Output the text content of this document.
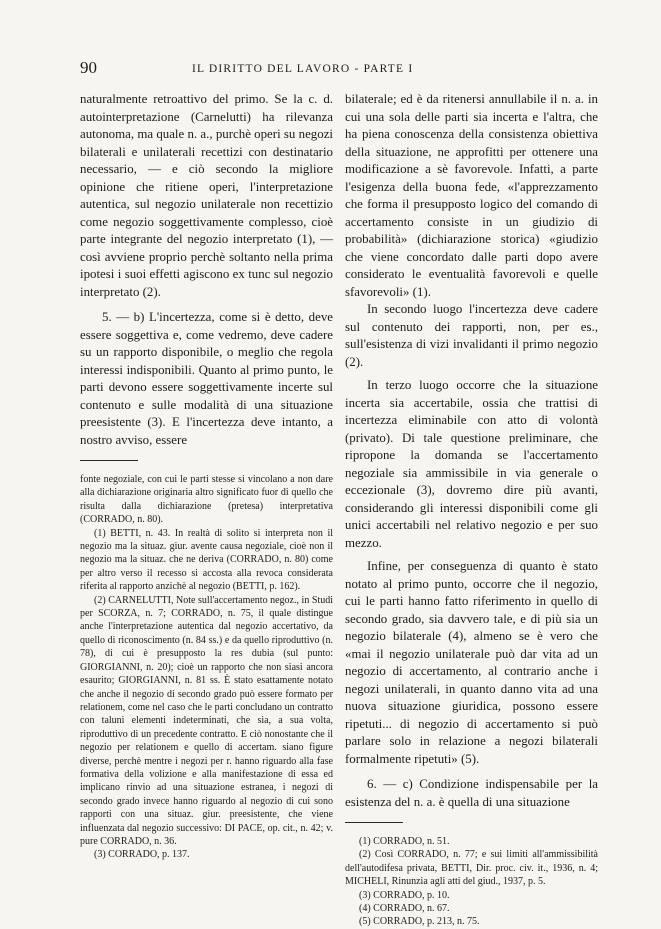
90	IL DIRITTO DEL LAVORO - PARTE I

naturalmente retroattivo del primo. Se la c. d. autointerpretazione (Carnelutti) ha rilevanza autonoma, ma quale n. a., purchè operi su negozi bilaterali e unilaterali recettizi con destinatario necessario, — e ciò secondo la migliore opinione che ritiene operi, l'interpretazione autentica, sul negozio unilaterale non recettizio come negozio soggettivamente complesso, cioè parte integrante del negozio interpretato (1), — così avviene proprio perchè soltanto nella prima ipotesi i suoi effetti agiscono ex tunc sul negozio interpretato (2).
5. — b) L'incertezza, come si è detto, deve essere soggettiva e, come vedremo, deve cadere su un rapporto disponibile, o meglio che regola interessi indisponibili. Quanto al primo punto, le parti devono essere soggettivamente incerte sul contenuto e sulle modalità di una situazione preesistente (3). E l'incertezza deve intanto, a nostro avviso, essere

fonte negoziale, con cui le parti stesse si vincolano a non dare alla dichiarazione originaria altro significato fuor di quello che risulta dalla dichiarazione (pretesa) interpretativa (CORRADO, n. 80).
(1) BETTI, n. 43. In realtà di solito si interpreta non il negozio ma la situaz. giur. avente causa negoziale, cioè non il negozio ma la situaz. che ne deriva (CORRADO, n. 80) come per altro verso il recesso si accosta alla revoca considerata riferita al rapporto anzichè al negozio (BETTI, p. 162).
(2) CARNELUTTI, Note sull'accertamento negoz., in Studi per SCORZA, n. 7; CORRADO, n. 75, il quale distingue anche l'interpretazione autentica dal negozio accertativo, da quello di riconoscimento (n. 84 ss.) e da quello riproduttivo (n. 78), di cui è presupposto la res dubia (sul punto: GIORGIANNI, n. 20); cioè un rapporto che non siasi ancora esaurito; GIORGIANNI, n. 81 ss. È stato esattamente notato che anche il negozio di secondo grado può essere formato per relationem, come nel caso che le parti concludano un contratto con taluni elementi indeterminati, che sia, a sua volta, riproduttivo di un precedente contratto. E ciò nonostante che il negozio per relationem e quello di accertam. siano figure diverse, perchè mentre i negozi per r. hanno riguardo alla fase formativa della volizione e alla manifestazione di essa ed implicano rinvio ad una situazione estranea, i negozi di secondo grado invece hanno riguardo al negozio di cui sono rapporti con una situaz. giur. preesistente, che viene influenzata dal negozio successivo: DI PACE, op. cit., n. 42; v. pure CORRADO, n. 36.
(3) CORRADO, p. 137.

bilaterale; ed è da ritenersi annullabile il n. a. in cui una sola delle parti sia incerta e l'altra, che ha piena conoscenza della consistenza obiettiva della situazione, ne approfitti per ottenere una modificazione a sè favorevole. Infatti, a parte l'esigenza della buona fede, «l'apprezzamento che forma il presupposto logico del comando di accertamento consiste in un giudizio di probabilità» (dichiarazione storica) «giudizio che viene concordato dalle parti dopo avere considerato le eventualità favorevoli e quelle sfavorevoli» (1).
In secondo luogo l'incertezza deve cadere sul contenuto dei rapporti, non, per es., sull'esistenza di vizi invalidanti il primo negozio (2).
In terzo luogo occorre che la situazione incerta sia accertabile, ossia che trattisi di incertezza eliminabile con atto di volontà (privato). Di tale questione preliminare, che ripropone la domanda se l'accertamento negoziale sia ammissibile in via generale o eccezionale (3), dovremo dire più avanti, considerando gli interessi disponibili come gli unici accertabili nel relativo negozio e per suo mezzo.
Infine, per conseguenza di quanto è stato notato al primo punto, occorre che il negozio, cui le parti hanno fatto riferimento in quello di secondo grado, sia davvero tale, e di più sia un negozio bilaterale (4), almeno se è vero che «mai il negozio unilaterale può dar vita ad un negozio di accertamento, al contrario anche i negozi unilaterali, in quanto danno vita ad una nuova situazione giuridica, possono essere ripetuti... di negozio di accertamento si può parlare solo in relazione a negozi bilaterali formalmente ripetuti» (5).
6. — c) Condizione indispensabile per la esistenza del n. a. è quella di una situazione

(1) CORRADO, n. 51.
(2) Così CORRADO, n. 77; e sui limiti all'ammissibilità dell'autodifesa privata, BETTI, Dir. proc. civ. it., 1936, n. 4; MICHELI, Rinunzia agli atti del giud., 1937, p. 5.
(3) CORRADO, p. 10.
(4) CORRADO, n. 67.
(5) CORRADO, p. 213, n. 75.
